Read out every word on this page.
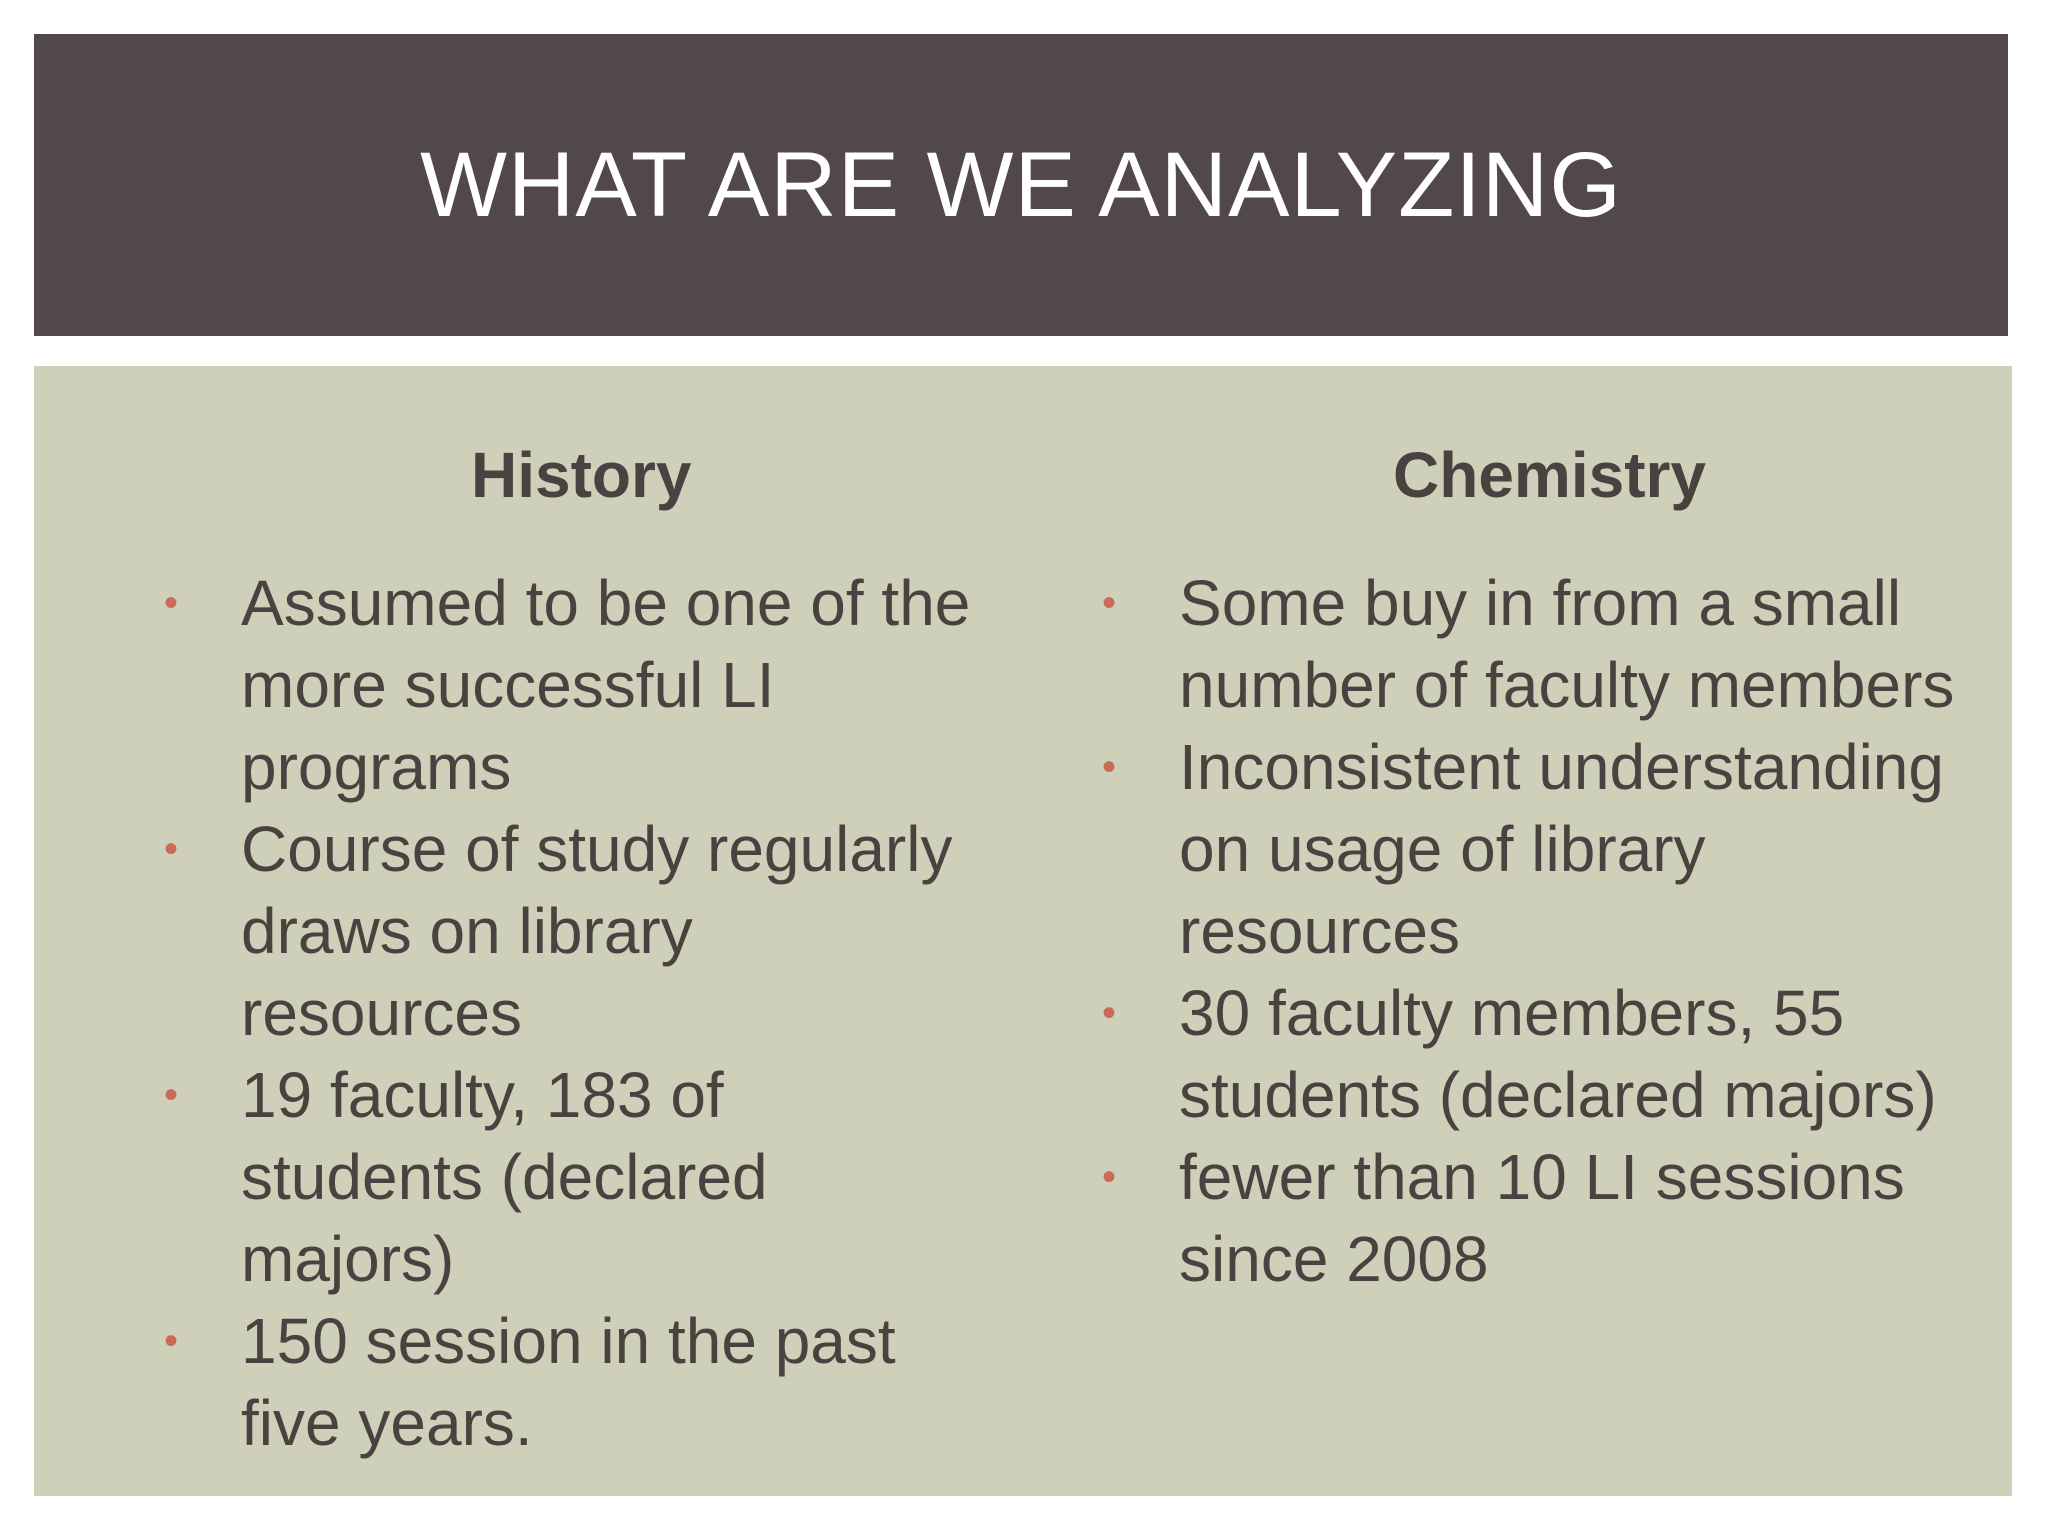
WHAT ARE WE ANALYZING
History
• Assumed to be one of the more successful LI programs
• Course of study regularly draws on library resources
• 19 faculty, 183 of students (declared majors)
• 150 session in the past five years.
Chemistry
• Some buy in from a small number of faculty members
• Inconsistent understanding on usage of library resources
• 30 faculty members, 55 students (declared majors)
• fewer than 10 LI sessions since 2008
